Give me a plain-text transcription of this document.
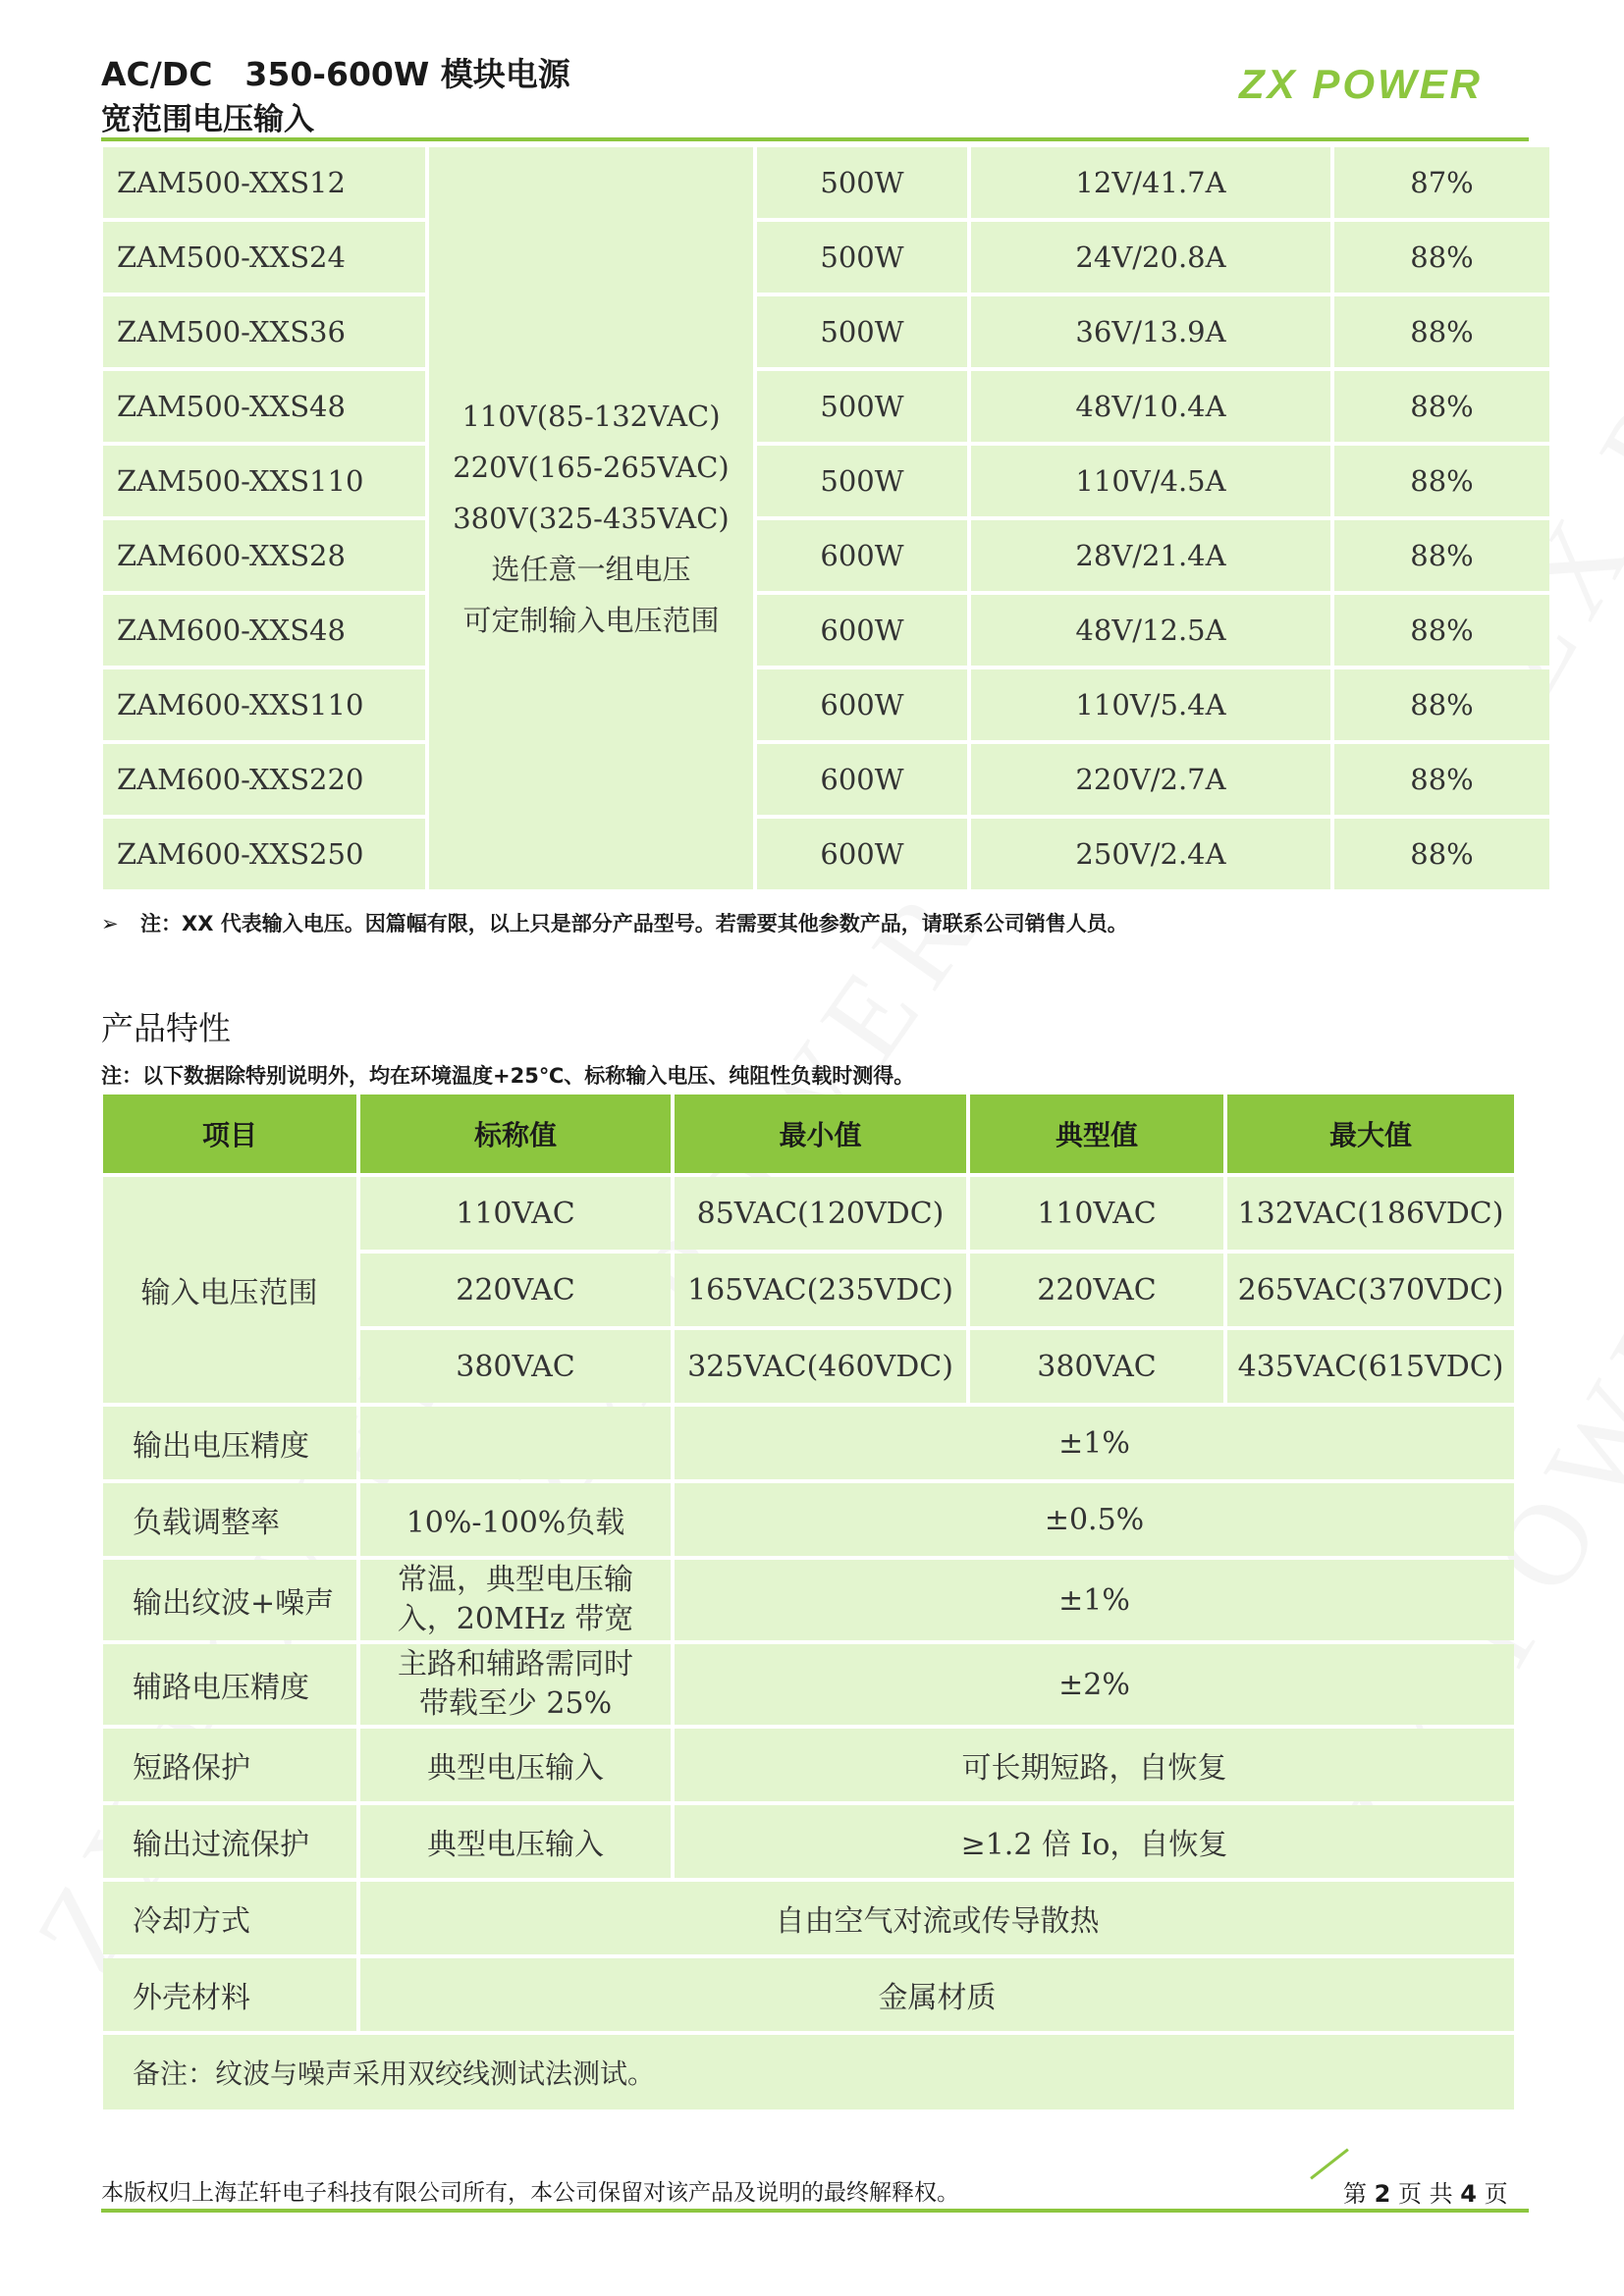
AC/DC　350-600W 模块电源
宽范围电压输入
ZX POWER
ZAM500-XXS12	110V(85-132VAC)
220V(165-265VAC)
380V(325-435VAC)
选任意一组电压
可定制输入电压范围	500W	12V/41.7A	87%
ZAM500-XXS24		500W	24V/20.8A	88%
ZAM500-XXS36		500W	36V/13.9A	88%
ZAM500-XXS48		500W	48V/10.4A	88%
ZAM500-XXS110		500W	110V/4.5A	88%
ZAM600-XXS28		600W	28V/21.4A	88%
ZAM600-XXS48		600W	48V/12.5A	88%
ZAM600-XXS110		600W	110V/5.4A	88%
ZAM600-XXS220		600W	220V/2.7A	88%
ZAM600-XXS250		600W	250V/2.4A	88%
➢ 注：XX 代表输入电压。因篇幅有限，以上只是部分产品型号。若需要其他参数产品，请联系公司销售人员。
产品特性
注：以下数据除特别说明外，均在环境温度+25℃、标称输入电压、纯阻性负载时测得。
项目	标称值	最小值	典型值	最大值
输入电压范围	110VAC	85VAC(120VDC)	110VAC	132VAC(186VDC)
	220VAC	165VAC(235VDC)	220VAC	265VAC(370VDC)
	380VAC	325VAC(460VDC)	380VAC	435VAC(615VDC)
输出电压精度		±1%		
负载调整率	10%-100%负载	±0.5%		
输出纹波+噪声	常温，典型电压输
入，20MHz 带宽	±1%		
辅路电压精度	主路和辅路需同时
带载至少 25%	±2%		
短路保护	典型电压输入	可长期短路，自恢复		
输出过流保护	典型电压输入	≥1.2 倍 Io，自恢复		
冷却方式	自由空气对流或传导散热			
外壳材料	金属材质			
备注：纹波与噪声采用双绞线测试法测试。				
本版权归上海芷轩电子科技有限公司所有，本公司保留对该产品及说明的最终解释权。	第 2 页 共 4 页
